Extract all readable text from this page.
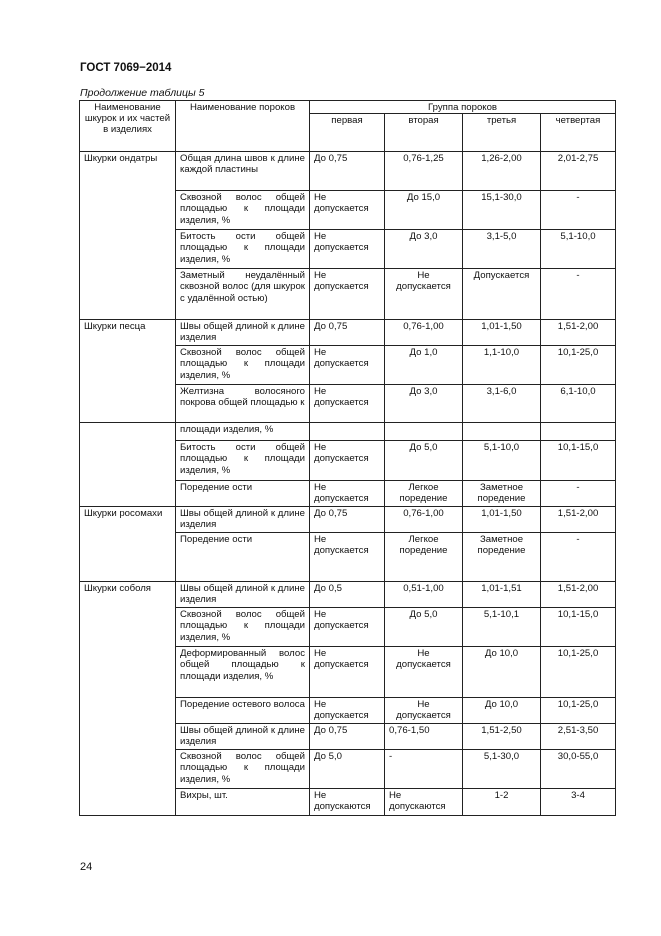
ГОСТ 7069−2014
Продолжение таблицы 5
Наименование шкурок и их частей в изделиях	Наименование пороков	Группа пороков			
		первая	вторая	третья	четвертая
Шкурки ондатры	Общая длина швов к длине каждой пластины	До 0,75	0,76-1,25	1,26-2,00	2,01-2,75
	Сквозной волос общей площадью к площади изделия, %	Не допускается	До 15,0	15,1-30,0	-
	Битость ости общей площадью к площади изделия, %	Не допускается	До 3,0	3,1-5,0	5,1-10,0
	Заметный неудалённый сквозной волос (для шкурок с удалённой остью)	Не допускается	Не допускается	Допускается	-
Шкурки песца	Швы общей длиной к длине изделия	До 0,75	0,76-1,00	1,01-1,50	1,51-2,00
	Сквозной волос общей площадью к площади изделия, %	Не допускается	До 1,0	1,1-10,0	10,1-25,0
	Желтизна волосяного покрова общей площадью к	Не допускается	До 3,0	3,1-6,0	6,1-10,0
	площади изделия, %				
	Битость ости общей площадью к площади изделия, %	Не допускается	До 5,0	5,1-10,0	10,1-15,0
	Поредение ости	Не допускается	Легкое поредение	Заметное поредение	-
Шкурки росомахи	Швы общей длиной к длине изделия	До 0,75	0,76-1,00	1,01-1,50	1,51-2,00
	Поредение ости	Не допускается	Легкое поредение	Заметное поредение	-
Шкурки соболя	Швы общей длиной к длине изделия	До 0,5	0,51-1,00	1,01-1,51	1,51-2,00
	Сквозной волос общей площадью к площади изделия, %	Не допускается	До 5,0	5,1-10,1	10,1-15,0
	Деформированный волос общей площадью к площади изделия, %	Не допускается	Не допускается	До 10,0	10,1-25,0
	Поредение остевого волоса	Не допускается	Не допускается	До 10,0	10,1-25,0
	Швы общей длиной к длине изделия	До 0,75	0,76-1,50	1,51-2,50	2,51-3,50
	Сквозной волос общей площадью к площади изделия, %	До 5,0	-	5,1-30,0	30,0-55,0
	Вихры, шт.	Не допускаются	Не допускаются	1-2	3-4
24
